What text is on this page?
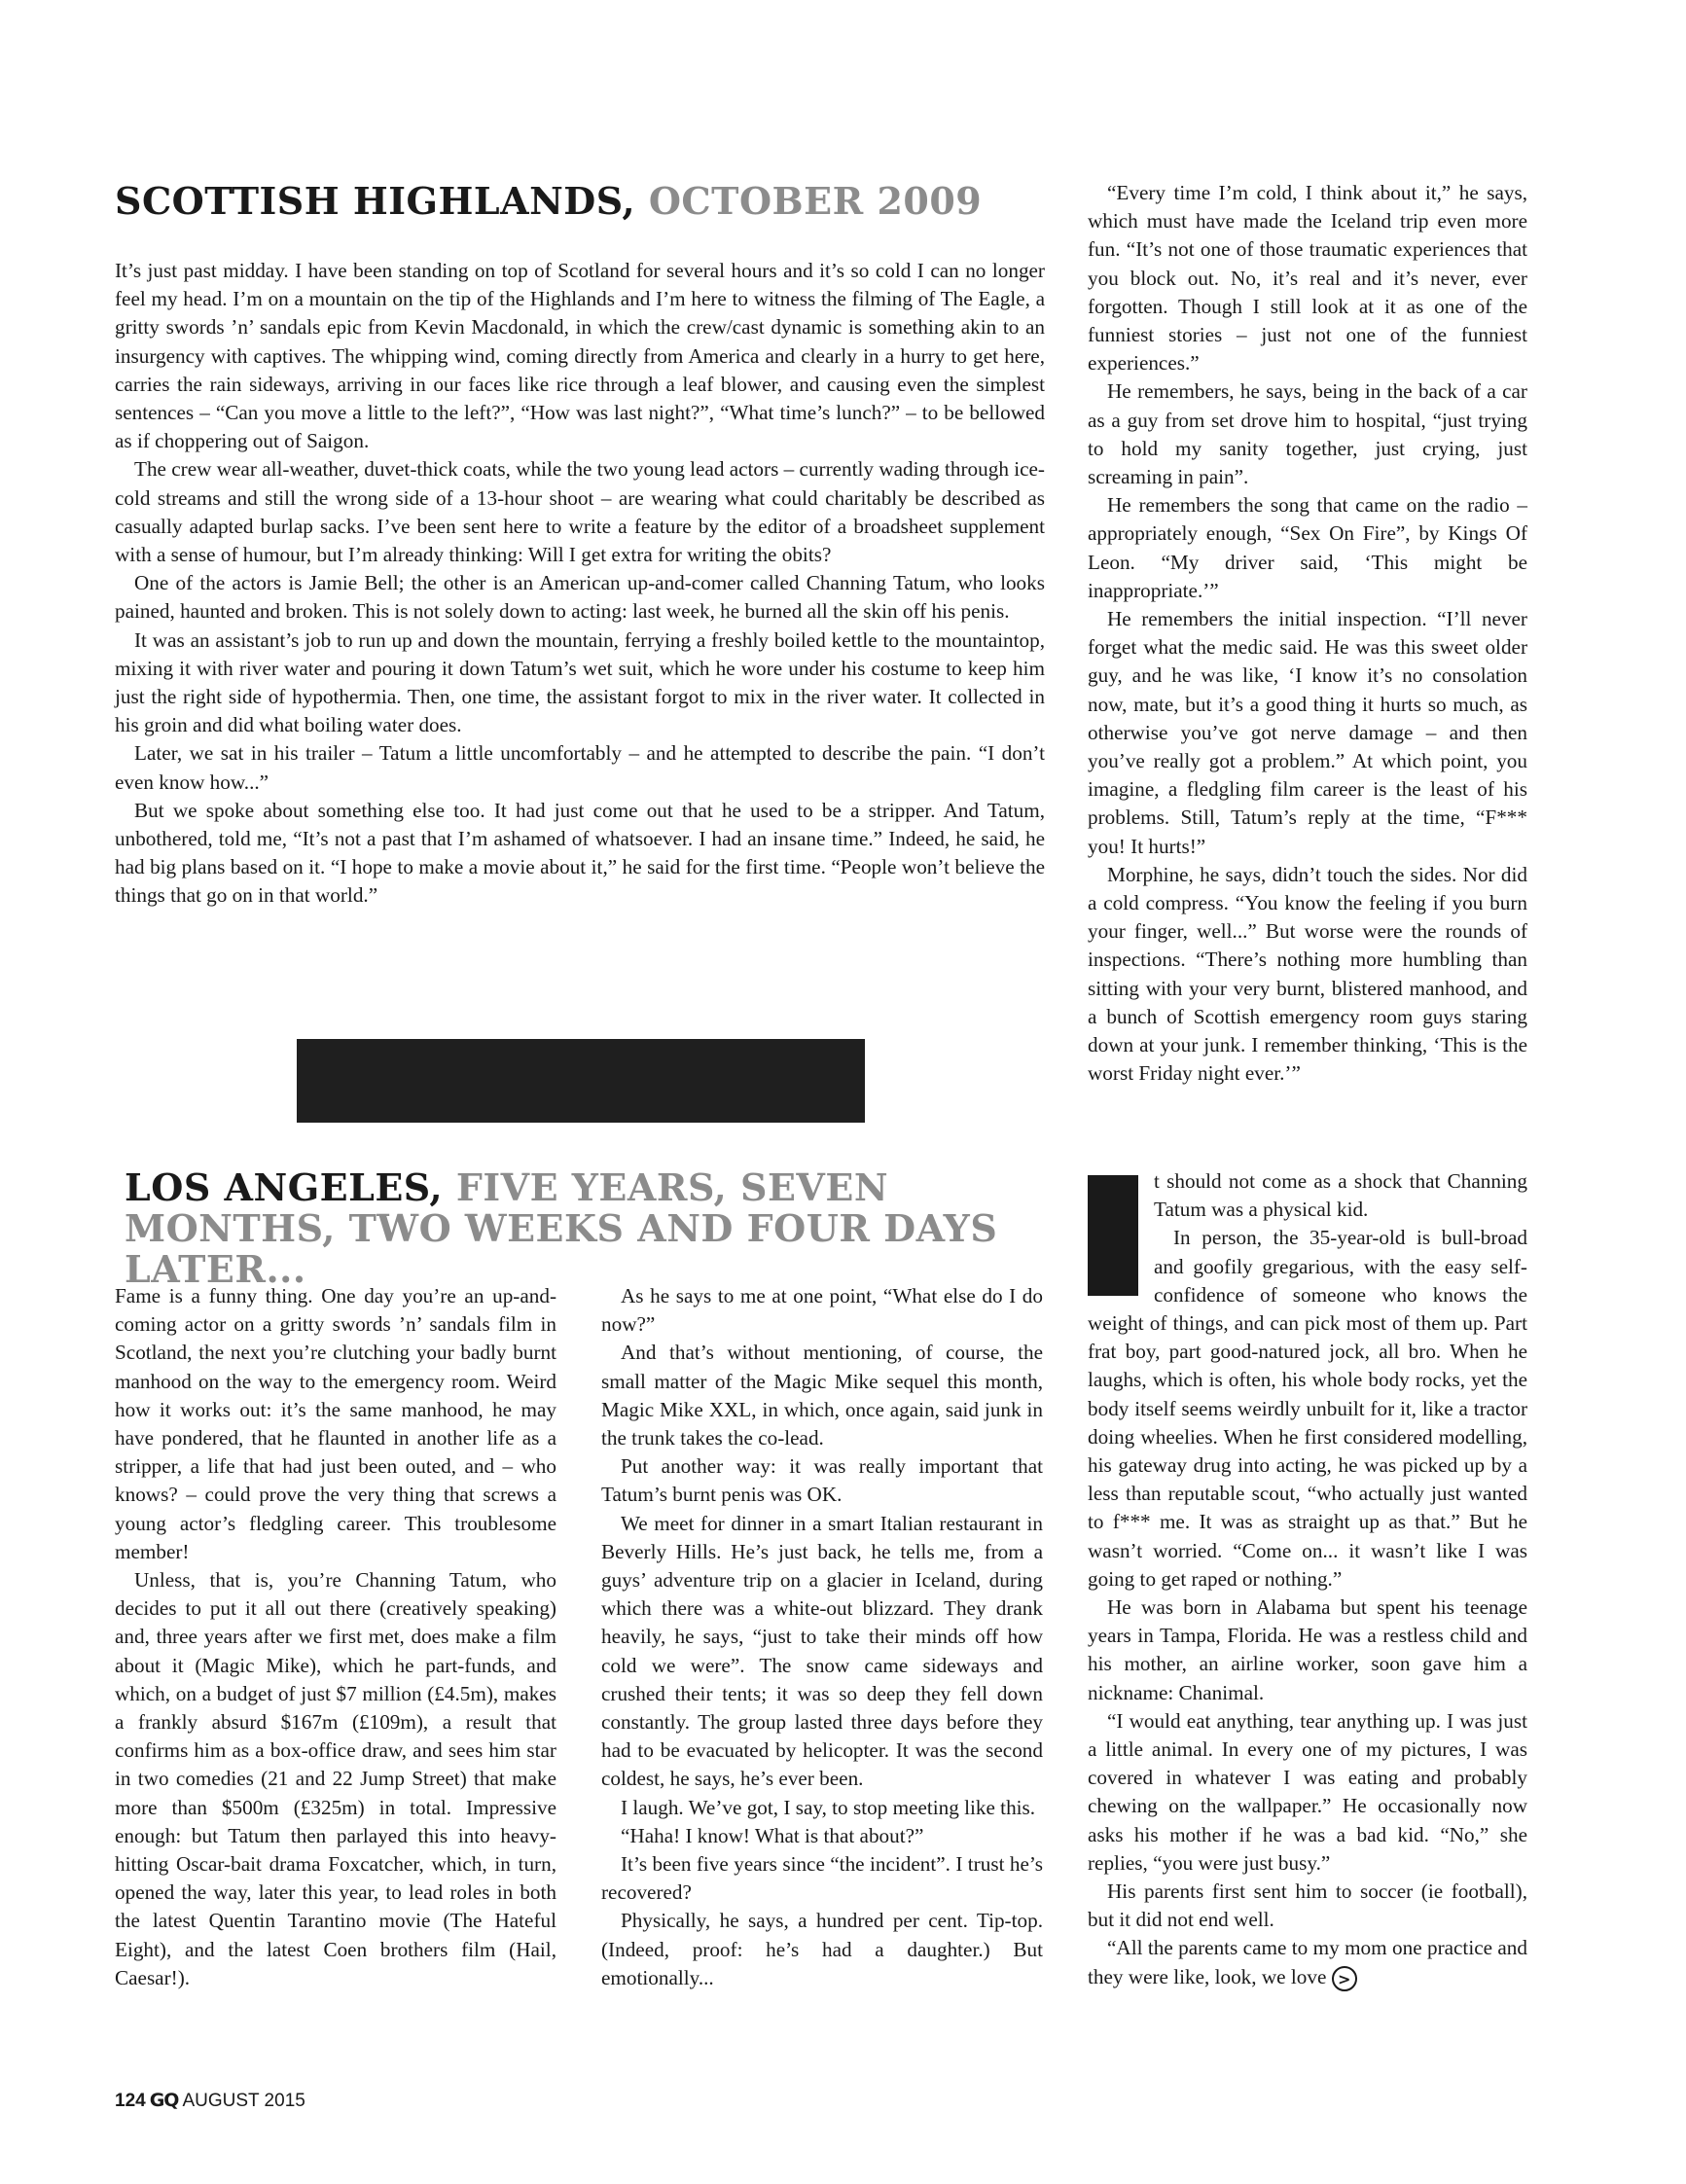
SCOTTISH HIGHLANDS, OCTOBER 2009

It’s just past midday. I have been standing on top of Scotland for several hours and it’s so cold I can no longer feel my head. I’m on a mountain on the tip of the Highlands and I’m here to witness the filming of The Eagle, a gritty swords ’n’ sandals epic from Kevin Macdonald, in which the crew/cast dynamic is something akin to an insurgency with captives. The whipping wind, coming directly from America and clearly in a hurry to get here, carries the rain sideways, arriving in our faces like rice through a leaf blower, and causing even the simplest sentences – “Can you move a little to the left?”, “How was last night?”, “What time’s lunch?” – to be bellowed as if choppering out of Saigon.

The crew wear all-weather, duvet-thick coats, while the two young lead actors – currently wading through ice-cold streams and still the wrong side of a 13-hour shoot – are wearing what could charitably be described as casually adapted burlap sacks. I’ve been sent here to write a feature by the editor of a broadsheet supplement with a sense of humour, but I’m already thinking: Will I get extra for writing the obits?

One of the actors is Jamie Bell; the other is an American up-and-comer called Channing Tatum, who looks pained, haunted and broken. This is not solely down to acting: last week, he burned all the skin off his penis.

It was an assistant’s job to run up and down the mountain, ferrying a freshly boiled kettle to the mountaintop, mixing it with river water and pouring it down Tatum’s wet suit, which he wore under his costume to keep him just the right side of hypothermia. Then, one time, the assistant forgot to mix in the river water. It collected in his groin and did what boiling water does.

Later, we sat in his trailer – Tatum a little uncomfortably – and he attempted to describe the pain. “I don’t even know how...”

But we spoke about something else too. It had just come out that he used to be a stripper. And Tatum, unbothered, told me, “It’s not a past that I’m ashamed of whatsoever. I had an insane time.” Indeed, he said, he had big plans based on it. “I hope to make a movie about it,” he said for the first time. “People won’t believe the things that go on in that world.”

LOS ANGELES, FIVE YEARS, SEVEN MONTHS, TWO WEEKS AND FOUR DAYS LATER...

Fame is a funny thing. One day you’re an up-and-coming actor on a gritty swords ’n’ sandals film in Scotland, the next you’re clutching your badly burnt manhood on the way to the emergency room. Weird how it works out: it’s the same manhood, he may have pondered, that he flaunted in another life as a stripper, a life that had just been outed, and – who knows? – could prove the very thing that screws a young actor’s fledgling career. This troublesome member!

Unless, that is, you’re Channing Tatum, who decides to put it all out there (creatively speaking) and, three years after we first met, does make a film about it (Magic Mike), which he part-funds, and which, on a budget of just $7 million (£4.5m), makes a frankly absurd $167m (£109m), a result that confirms him as a box-office draw, and sees him star in two comedies (21 and 22 Jump Street) that make more than $500m (£325m) in total. Impressive enough: but Tatum then parlayed this into heavy-hitting Oscar-bait drama Foxcatcher, which, in turn, opened the way, later this year, to lead roles in both the latest Quentin Tarantino movie (The Hateful Eight), and the latest Coen brothers film (Hail, Caesar!).

As he says to me at one point, “What else do I do now?”

And that’s without mentioning, of course, the small matter of the Magic Mike sequel this month, Magic Mike XXL, in which, once again, said junk in the trunk takes the co-lead.

Put another way: it was really important that Tatum’s burnt penis was OK.

We meet for dinner in a smart Italian restaurant in Beverly Hills. He’s just back, he tells me, from a guys’ adventure trip on a glacier in Iceland, during which there was a white-out blizzard. They drank heavily, he says, “just to take their minds off how cold we were”. The snow came sideways and crushed their tents; it was so deep they fell down constantly. The group lasted three days before they had to be evacuated by helicopter. It was the second coldest, he says, he’s ever been.

I laugh. We’ve got, I say, to stop meeting like this.

“Haha! I know! What is that about?”

It’s been five years since “the incident”. I trust he’s recovered?

Physically, he says, a hundred per cent. Tip-top. (Indeed, proof: he’s had a daughter.) But emotionally...

“Every time I’m cold, I think about it,” he says, which must have made the Iceland trip even more fun. “It’s not one of those traumatic experiences that you block out. No, it’s real and it’s never, ever forgotten. Though I still look at it as one of the funniest stories – just not one of the funniest experiences.”

He remembers, he says, being in the back of a car as a guy from set drove him to hospital, “just trying to hold my sanity together, just crying, just screaming in pain”.

He remembers the song that came on the radio – appropriately enough, “Sex On Fire”, by Kings Of Leon. “My driver said, ‘This might be inappropriate.’”

He remembers the initial inspection. “I’ll never forget what the medic said. He was this sweet older guy, and he was like, ‘I know it’s no consolation now, mate, but it’s a good thing it hurts so much, as otherwise you’ve got nerve damage – and then you’ve really got a problem.” At which point, you imagine, a fledgling film career is the least of his problems. Still, Tatum’s reply at the time, “F*** you! It hurts!”

Morphine, he says, didn’t touch the sides. Nor did a cold compress. “You know the feeling if you burn your finger, well...” But worse were the rounds of inspections. “There’s nothing more humbling than sitting with your very burnt, blistered manhood, and a bunch of Scottish emergency room guys staring down at your junk. I remember thinking, ‘This is the worst Friday night ever.’”

t should not come as a shock that Channing Tatum was a physical kid.

In person, the 35-year-old is bull-broad and goofily gregarious, with the easy self-confidence of someone who knows the weight of things, and can pick most of them up. Part frat boy, part good-natured jock, all bro. When he laughs, which is often, his whole body rocks, yet the body itself seems weirdly unbuilt for it, like a tractor doing wheelies. When he first considered modelling, his gateway drug into acting, he was picked up by a less than reputable scout, “who actually just wanted to f*** me. It was as straight up as that.” But he wasn’t worried. “Come on... it wasn’t like I was going to get raped or nothing.”

He was born in Alabama but spent his teenage years in Tampa, Florida. He was a restless child and his mother, an airline worker, soon gave him a nickname: Chanimal.

“I would eat anything, tear anything up. I was just a little animal. In every one of my pictures, I was covered in whatever I was eating and probably chewing on the wallpaper.” He occasionally now asks his mother if he was a bad kid. “No,” she replies, “you were just busy.”

His parents first sent him to soccer (ie football), but it did not end well.

“All the parents came to my mom one practice and they were like, look, we love >

124 GQ AUGUST 2015
